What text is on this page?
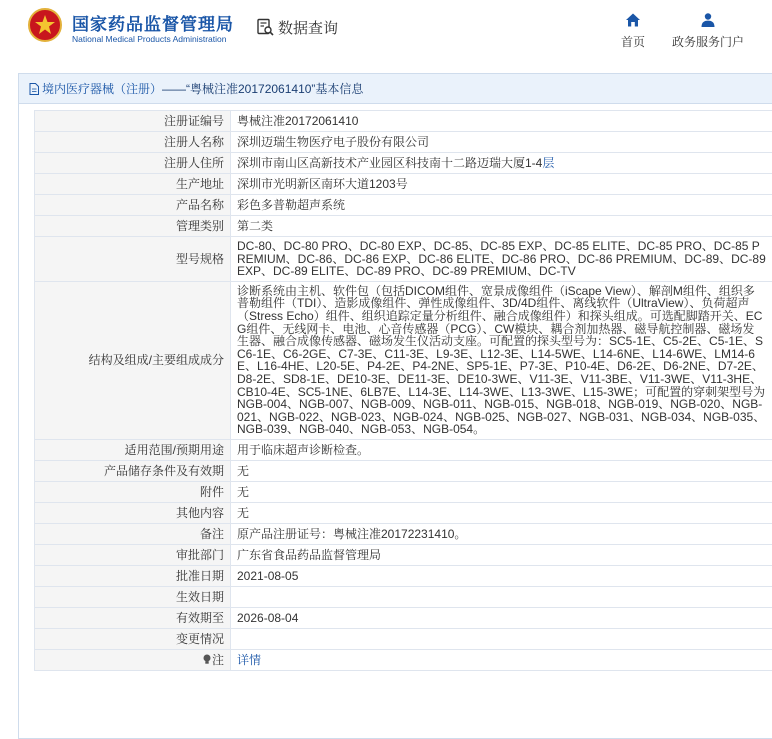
国家药品监督管理局
National Medical Products Administration
数据查询
首页 政务服务门户
境内医疗器械（注册） —— “粤械注准20172061410”基本信息
注册证编号	粤械注准20172061410
注册人名称	深圳迈瑞生物医疗电子股份有限公司
注册人住所	深圳市南山区高新技术产业园区科技南十二路迈瑞大厦1-4层
生产地址	深圳市光明新区南环大道1203号
产品名称	彩色多普勒超声系统
管理类别	第二类
型号规格	DC-80、DC-80 PRO、DC-80 EXP、DC-85、DC-85 EXP、DC-85 ELITE、DC-85 PRO、DC-85 PREMIUM、DC-86、DC-86 EXP、DC-86 ELITE、DC-86 PRO、DC-86 PREMIUM、DC-89、DC-89 EXP、DC-89 ELITE、DC-89 PRO、DC-89 PREMIUM、DC-TV
结构及组成/主要组成成分	诊断系统由主机、软件包（包括DICOM组件、宽景成像组件（iScape View）、解剖M组件、组织多普勒组件（TDI）、造影成像组件、弹性成像组件、3D/4D组件、离线软件（UltraView）、负荷超声（Stress Echo）组件、组织追踪定量分析组件、融合成像组件）和探头组成。可选配脚踏开关、ECG组件、无线网卡、电池、心音传感器（PCG）、CW模块、耦合剂加热器、磁导航控制器、磁场发生器、融合成像传感器、磁场发生仪活动支座。可配置的探头型号为：SC5-1E、C5-2E、C5-1E、SC6-1E、C6-2GE、C7-3E、C11-3E、L9-3E、L12-3E、L14-5WE、L14-6NE、L14-6WE、LM14-6E、L16-4HE、L20-5E、P4-2E、P4-2NE、SP5-1E、P7-3E、P10-4E、D6-2E、D6-2NE、D7-2E、D8-2E、SD8-1E、DE10-3E、DE11-3E、DE10-3WE、V11-3E、V11-3BE、V11-3WE、V11-3HE、CB10-4E、SC5-1NE、6LB7E、L14-3E、L14-3WE、L13-3WE、L15-3WE；可配置的穿刺架型号为NGB-004、NGB-007、NGB-009、NGB-011、NGB-015、NGB-018、NGB-019、NGB-020、NGB-021、NGB-022、NGB-023、NGB-024、NGB-025、NGB-027、NGB-031、NGB-034、NGB-035、NGB-039、NGB-040、NGB-053、NGB-054。
适用范围/预期用途	用于临床超声诊断检查。
产品储存条件及有效期	无
附件	无
其他内容	无
备注	原产品注册证号：粤械注准20172231410。
审批部门	广东省食品药品监督管理局
批准日期	2021-08-05
生效日期	
有效期至	2026-08-04
变更情况	
注	详情
